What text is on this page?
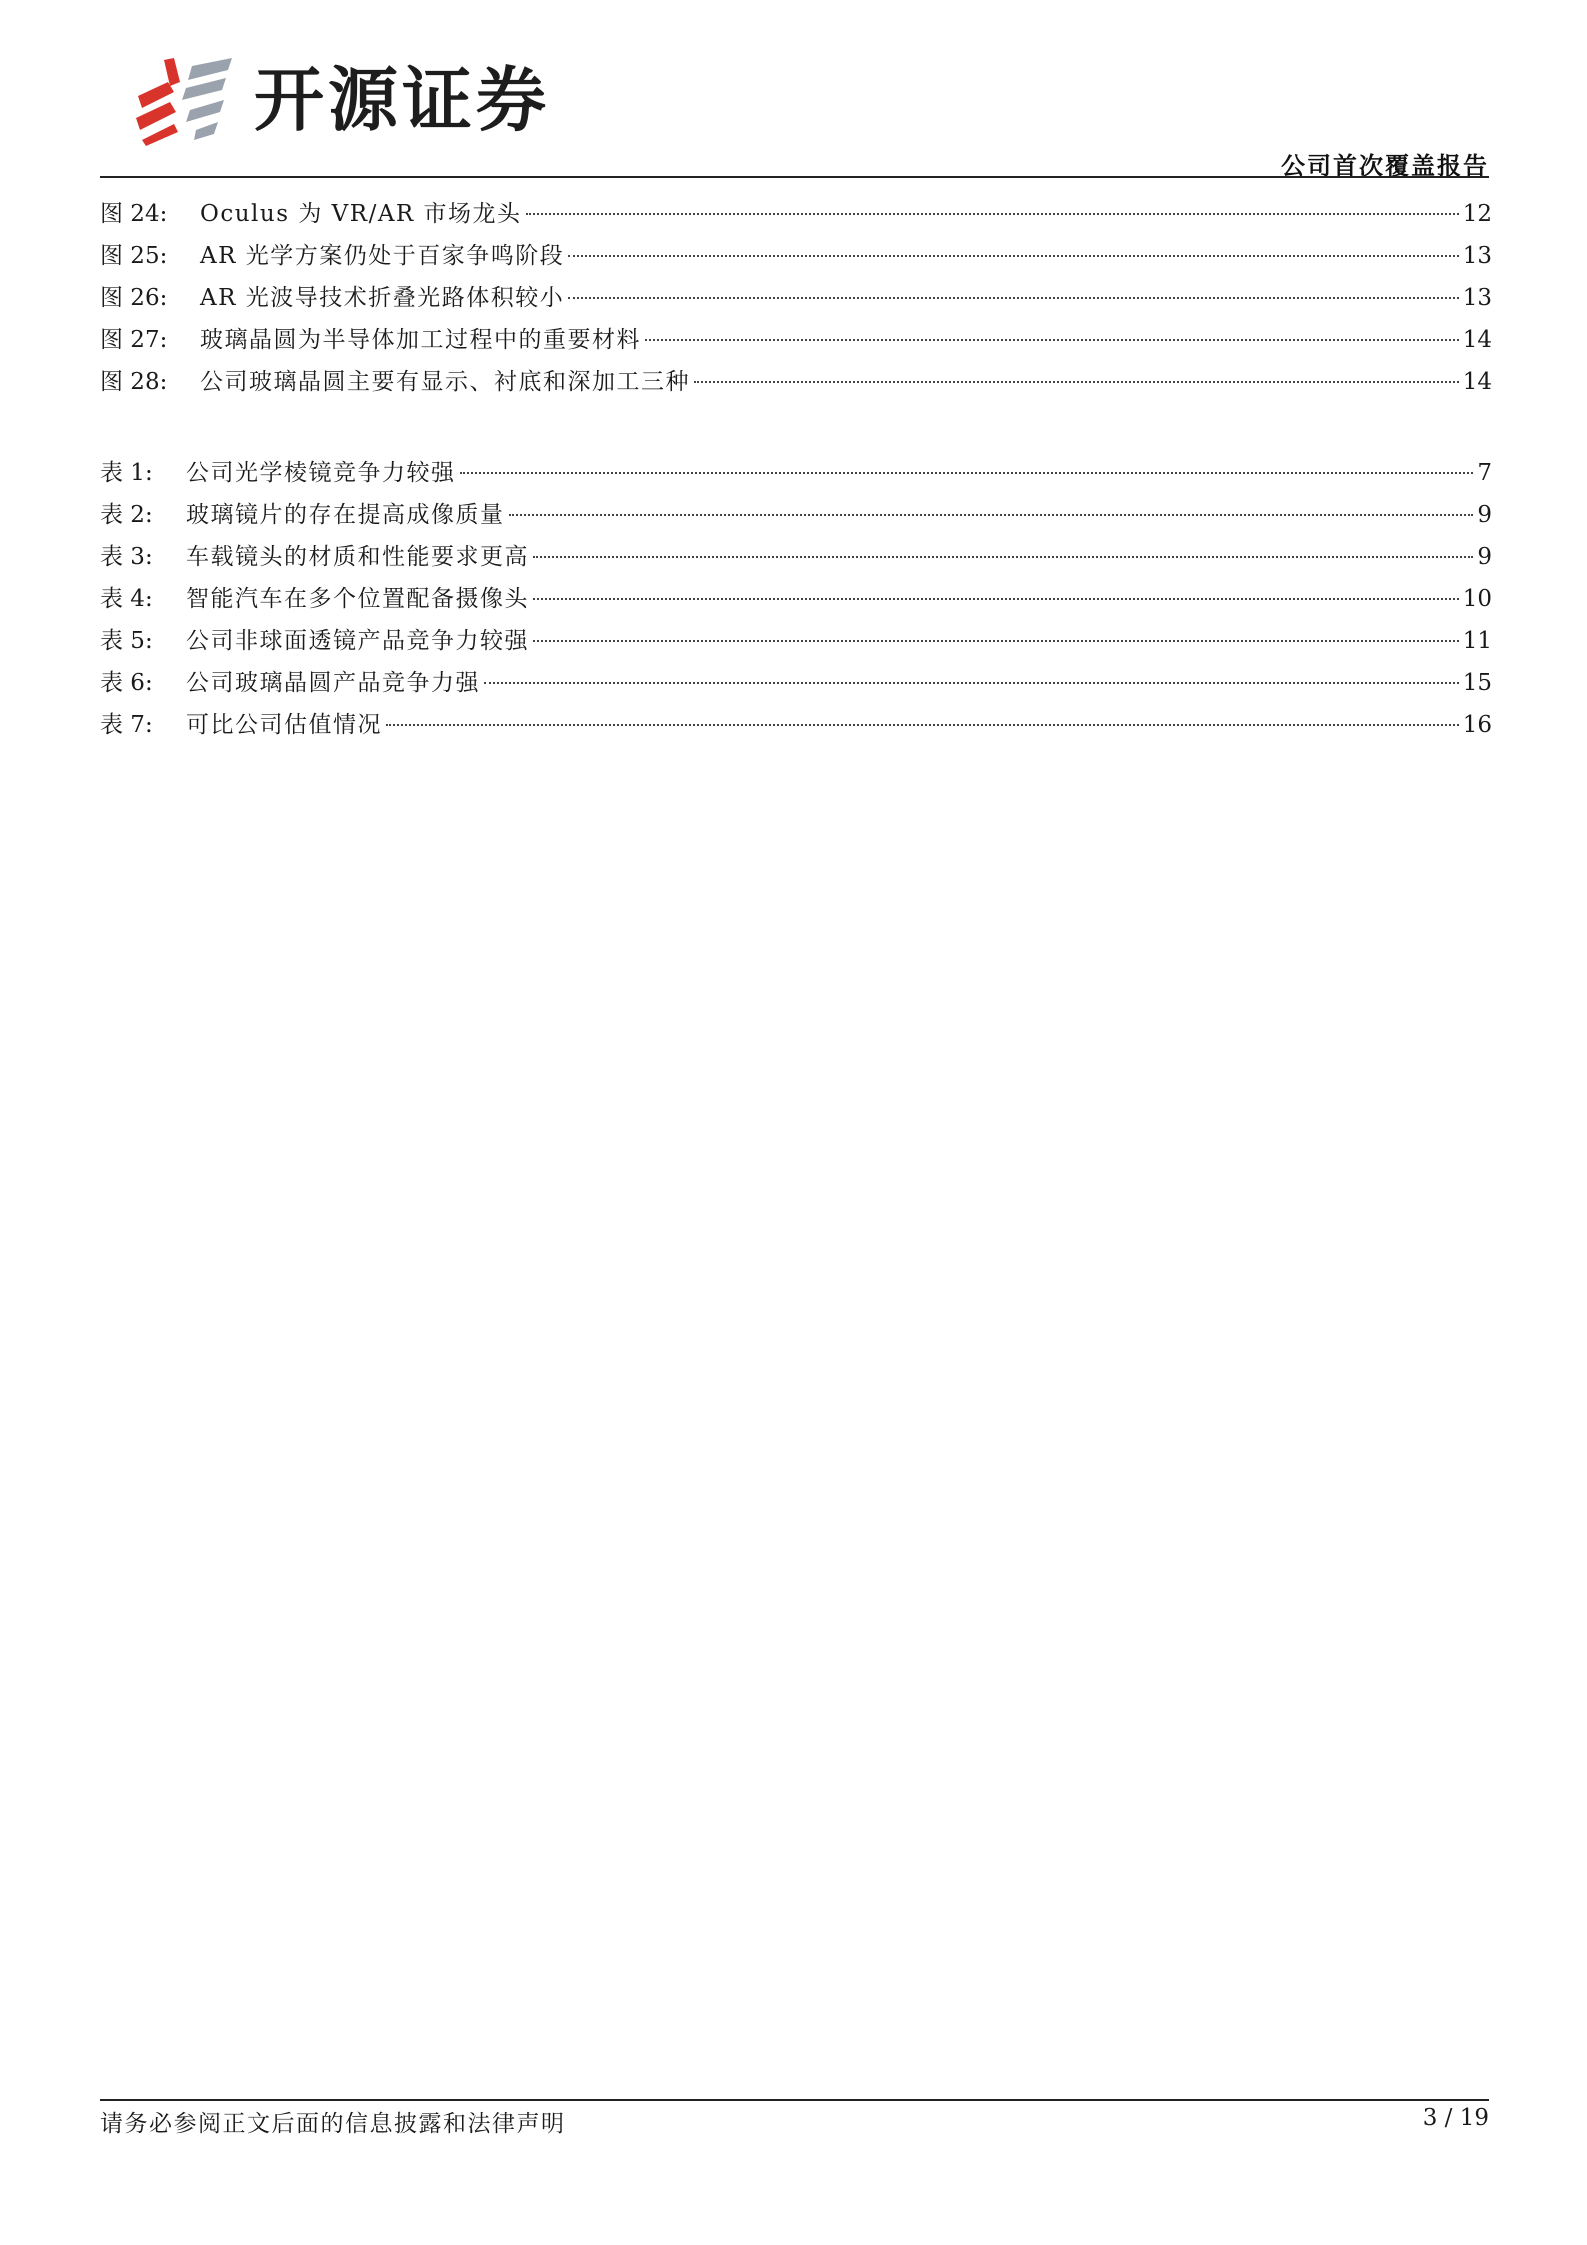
开源证券
公司首次覆盖报告
图 24:	Oculus 为 VR/AR 市场龙头	12
图 25:	AR 光学方案仍处于百家争鸣阶段	13
图 26:	AR 光波导技术折叠光路体积较小	13
图 27:	玻璃晶圆为半导体加工过程中的重要材料	14
图 28:	公司玻璃晶圆主要有显示、衬底和深加工三种	14
表 1:	公司光学棱镜竞争力较强	7
表 2:	玻璃镜片的存在提高成像质量	9
表 3:	车载镜头的材质和性能要求更高	9
表 4:	智能汽车在多个位置配备摄像头	10
表 5:	公司非球面透镜产品竞争力较强	11
表 6:	公司玻璃晶圆产品竞争力强	15
表 7:	可比公司估值情况	16
请务必参阅正文后面的信息披露和法律声明	3 / 19
